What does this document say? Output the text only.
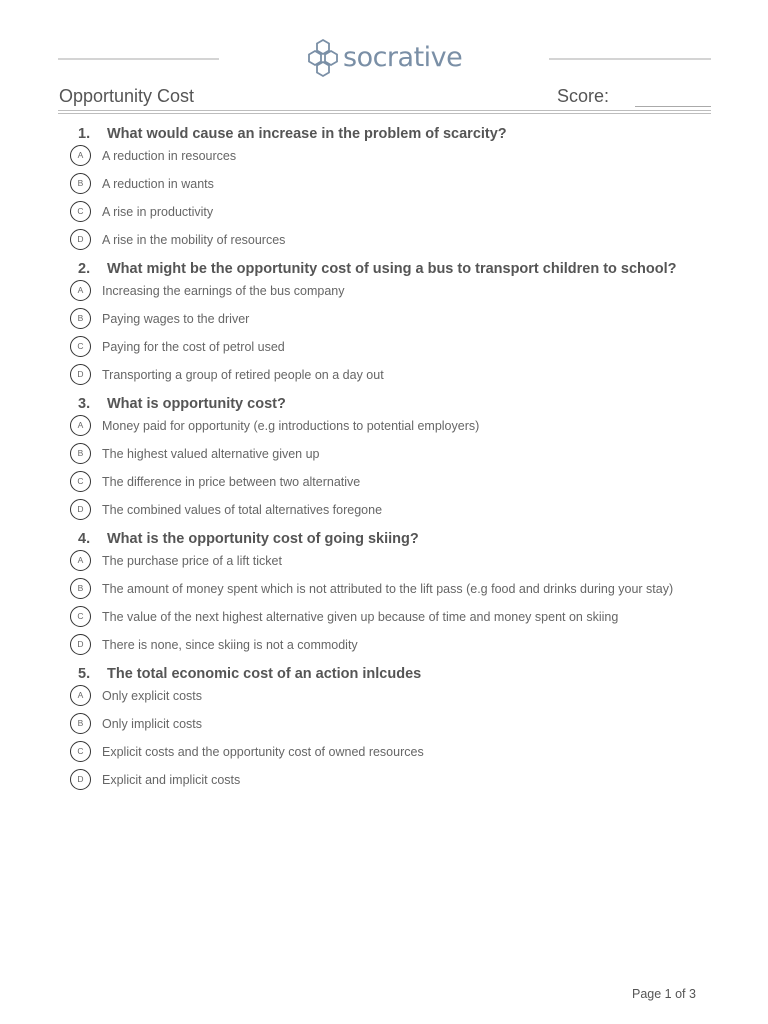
socrative
Opportunity Cost	Score:
1. What would cause an increase in the problem of scarcity?
A	A reduction in resources
B	A reduction in wants
C	A rise in productivity
D	A rise in the mobility of resources
2. What might be the opportunity cost of using a bus to transport children to school?
A	Increasing the earnings of the bus company
B	Paying wages to the driver
C	Paying for the cost of petrol used
D	Transporting a group of retired people on a day out
3. What is opportunity cost?
A	Money paid for opportunity (e.g introductions to potential employers)
B	The highest valued alternative given up
C	The difference in price between two alternative
D	The combined values of total alternatives foregone
4. What is the opportunity cost of going skiing?
A	The purchase price of a lift ticket
B	The amount of money spent which is not attributed to the lift pass (e.g food and drinks during your stay)
C	The value of the next highest alternative given up because of time and money spent on skiing
D	There is none, since skiing is not a commodity
5. The total economic cost of an action inlcudes
A	Only explicit costs
B	Only implicit costs
C	Explicit costs and the opportunity cost of owned resources
D	Explicit and implicit costs
Page 1 of 3
